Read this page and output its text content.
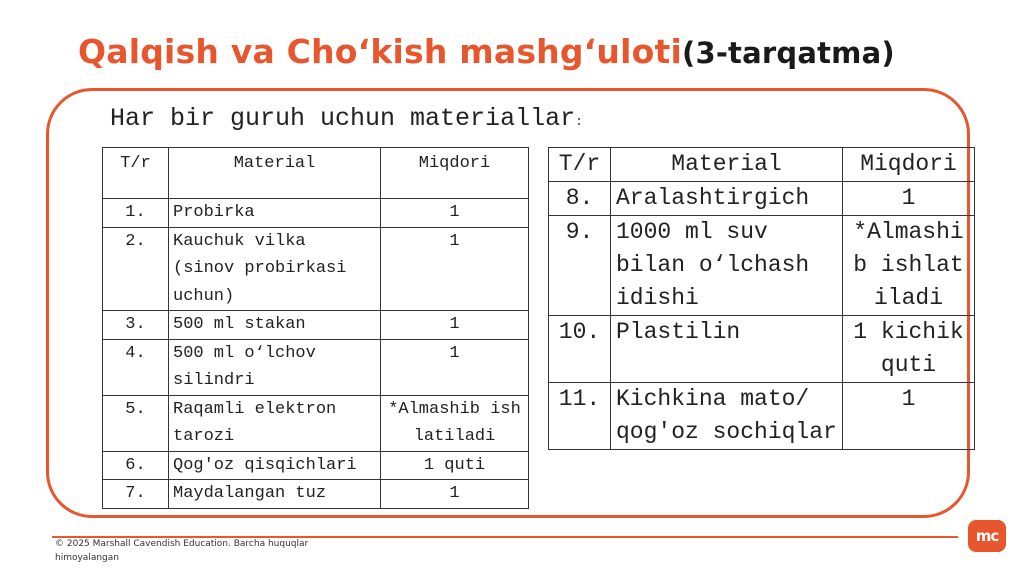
Qalqish va Cho‘kish mashg‘uloti(3-tarqatma)

Har bir guruh uchun materiallar:

T/r	Material	Miqdori
1.	Probirka	1
2.	Kauchuk vilka (sinov probirkasi uchun)	1
3.	500 ml stakan	1
4.	500 ml o‘lchov silindri	1
5.	Raqamli elektron tarozi	*Almashib ishlatiladi
6.	Qog'oz qisqichlari	1 quti
7.	Maydalangan tuz	1
T/r	Material	Miqdori
8.	Aralashtirgich	1
9.	1000 ml suv bilan o‘lchash idishi	*Almashib ishlatiladi
10.	Plastilin	1 kichik quti
11.	Kichkina mato/ qog'oz sochiqlar	1
© 2025 Marshall Cavendish Education. Barcha huquqlar himoyalangan
mc
